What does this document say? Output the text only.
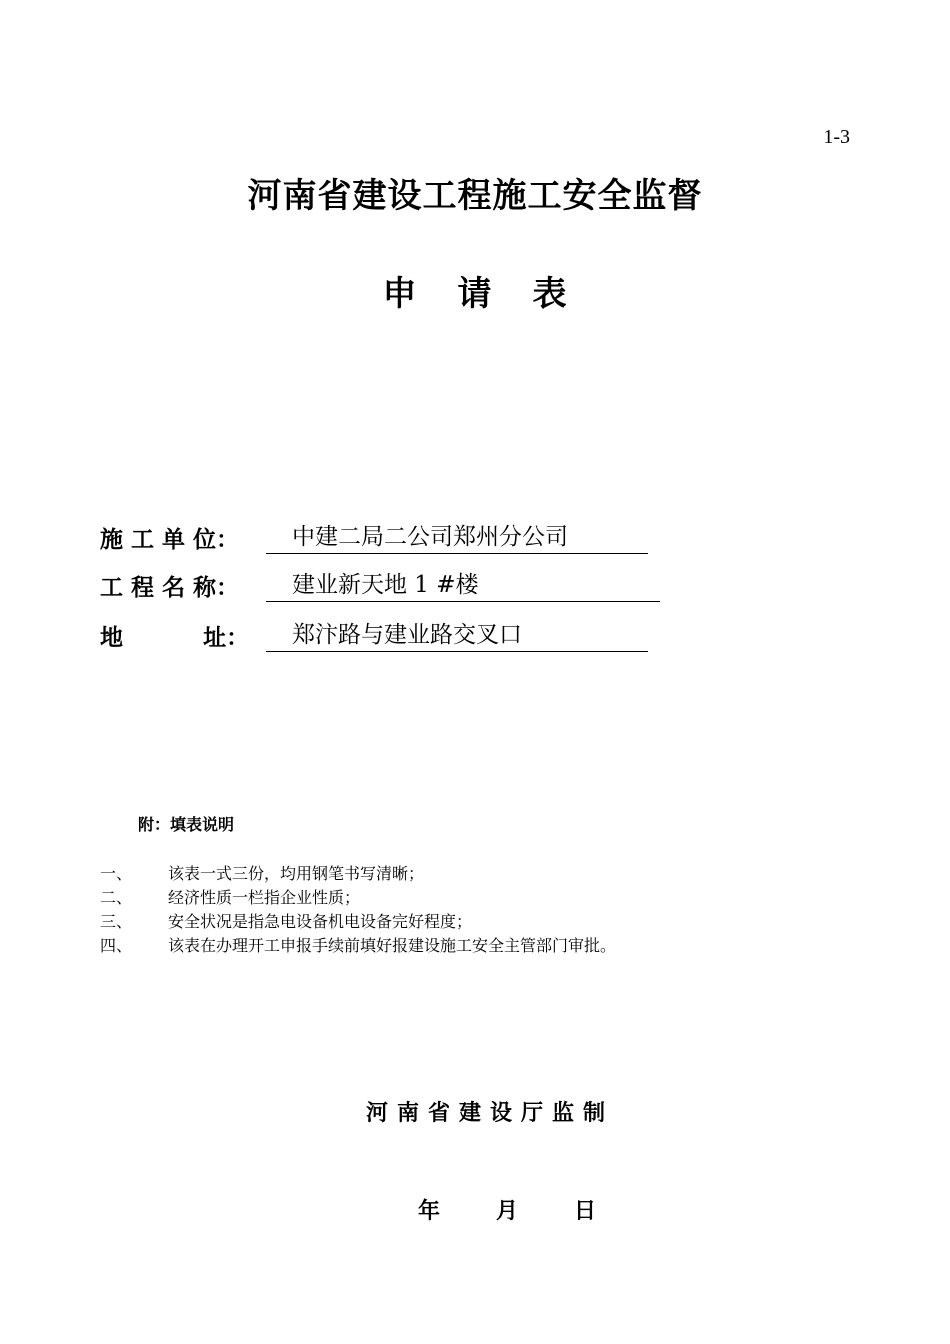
1-3
河南省建设工程施工安全监督
申 请 表
施 工 单 位：	中建二局二公司郑州分公司
工 程 名 称：	建业新天地 1 #楼
地          址：	郑汴路与建业路交叉口
附：填表说明
一、	该表一式三份，均用钢笔书写清晰；
二、	经济性质一栏指企业性质；
三、	安全状况是指急电设备机电设备完好程度；
四、	该表在办理开工申报手续前填好报建设施工安全主管部门审批。
河南省建设厅监制
年	月	日
